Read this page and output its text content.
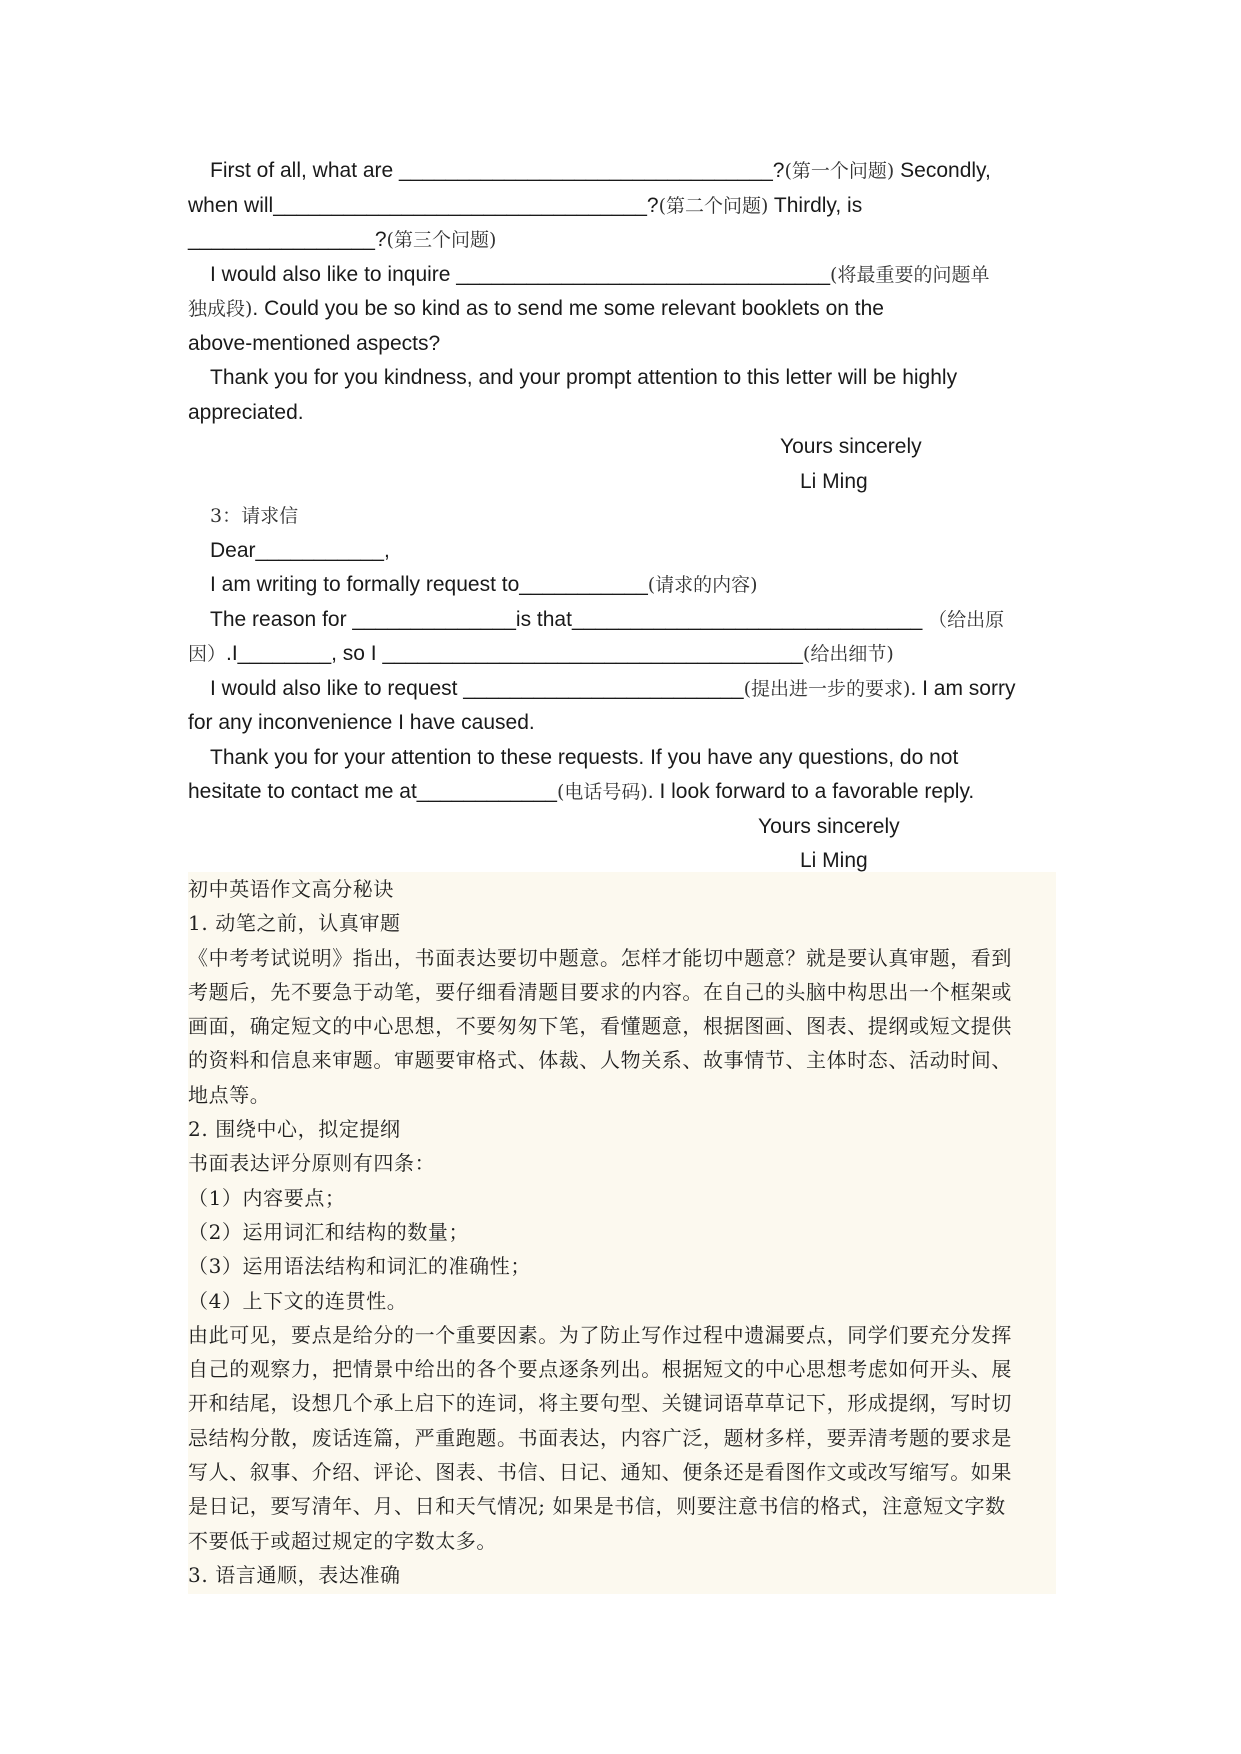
First of all, what are ________________________________?(第一个问题) Secondly,
when will________________________________?(第二个问题) Thirdly, is
________________?(第三个问题)
I would also like to inquire ________________________________(将最重要的问题单
独成段). Could you be so kind as to send me some relevant booklets on the
above-mentioned aspects?
Thank you for you kindness, and your prompt attention to this letter will be highly
appreciated.
Yours sincerely
Li Ming
3：请求信
Dear___________,
I am writing to formally request to___________(请求的内容)
The reason for ______________is that______________________________ （给出原
因）.I________, so I ____________________________________(给出细节)
I would also like to request ________________________(提出进一步的要求). I am sorry
for any inconvenience I have caused.
Thank you for your attention to these requests. If you have any questions, do not
hesitate to contact me at____________(电话号码). I look forward to a favorable reply.
Yours sincerely
Li Ming
初中英语作文高分秘诀
1. 动笔之前，认真审题
《中考考试说明》指出，书面表达要切中题意。怎样才能切中题意？就是要认真审题，看到
考题后，先不要急于动笔，要仔细看清题目要求的内容。在自己的头脑中构思出一个框架或
画面，确定短文的中心思想，不要匆匆下笔，看懂题意，根据图画、图表、提纲或短文提供
的资料和信息来审题。审题要审格式、体裁、人物关系、故事情节、主体时态、活动时间、
地点等。
2. 围绕中心，拟定提纲
书面表达评分原则有四条：
（1）内容要点；
（2）运用词汇和结构的数量；
（3）运用语法结构和词汇的准确性；
（4）上下文的连贯性。
由此可见，要点是给分的一个重要因素。为了防止写作过程中遗漏要点，同学们要充分发挥
自己的观察力，把情景中给出的各个要点逐条列出。根据短文的中心思想考虑如何开头、展
开和结尾，设想几个承上启下的连词，将主要句型、关键词语草草记下，形成提纲，写时切
忌结构分散，废话连篇，严重跑题。书面表达，内容广泛，题材多样，要弄清考题的要求是
写人、叙事、介绍、评论、图表、书信、日记、通知、便条还是看图作文或改写缩写。如果
是日记，要写清年、月、日和天气情况; 如果是书信，则要注意书信的格式，注意短文字数
不要低于或超过规定的字数太多。
3. 语言通顺，表达准确
